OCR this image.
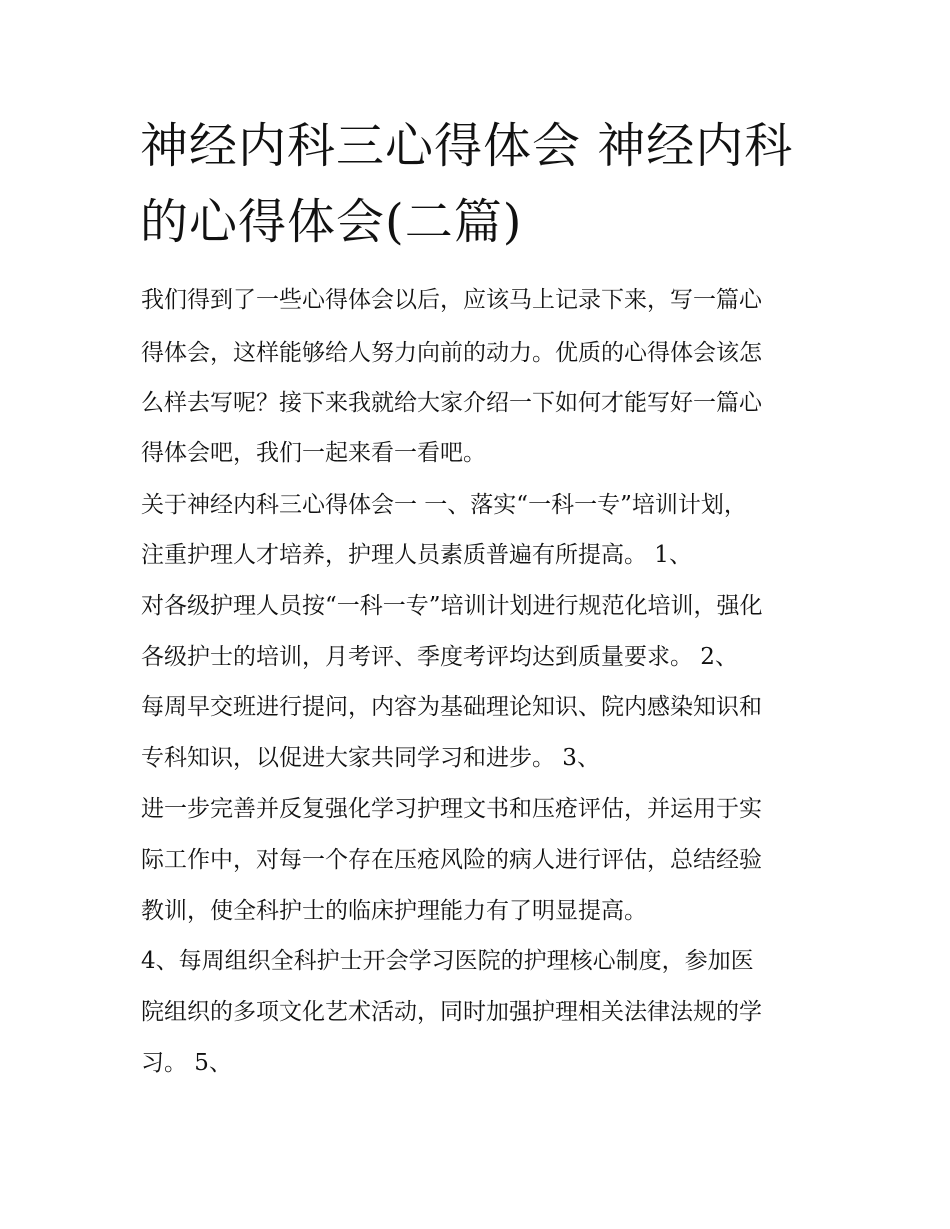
神经内科三心得体会 神经内科
的心得体会(二篇)
我们得到了一些心得体会以后，应该马上记录下来，写一篇心
得体会，这样能够给人努力向前的动力。优质的心得体会该怎
么样去写呢？接下来我就给大家介绍一下如何才能写好一篇心
得体会吧，我们一起来看一看吧。
关于神经内科三心得体会一 一、落实“一科一专”培训计划，
注重护理人才培养，护理人员素质普遍有所提高。 1、
对各级护理人员按“一科一专”培训计划进行规范化培训，强化
各级护士的培训，月考评、季度考评均达到质量要求。 2、
每周早交班进行提问，内容为基础理论知识、院内感染知识和
专科知识，以促进大家共同学习和进步。 3、
进一步完善并反复强化学习护理文书和压疮评估，并运用于实
际工作中，对每一个存在压疮风险的病人进行评估，总结经验
教训，使全科护士的临床护理能力有了明显提高。
4、每周组织全科护士开会学习医院的护理核心制度，参加医
院组织的多项文化艺术活动，同时加强护理相关法律法规的学
习。 5、
